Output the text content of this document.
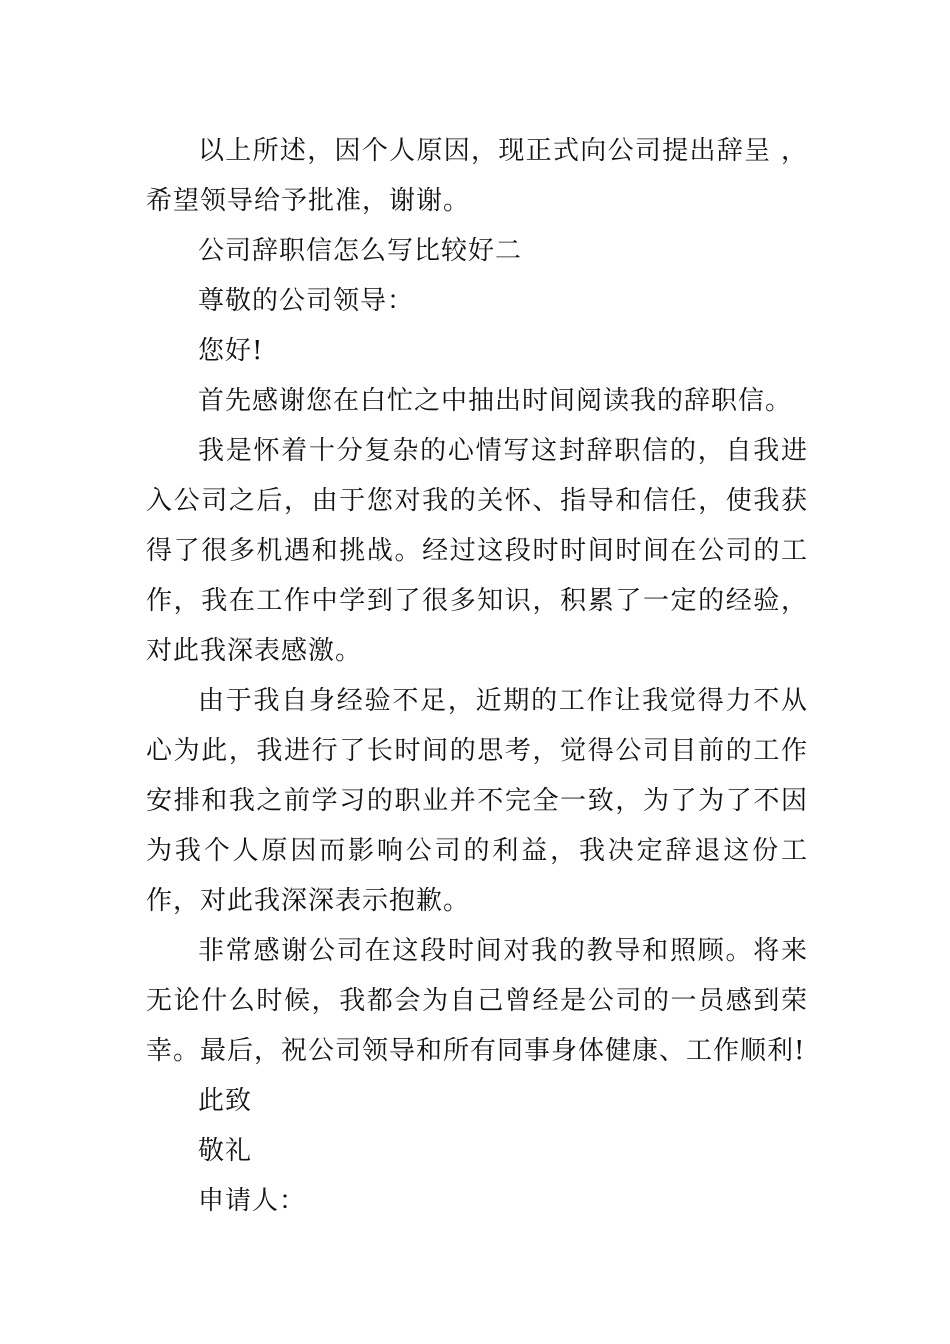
以上所述，因个人原因，现正式向公司提出辞呈 ，希望领导给予批准，谢谢。

公司辞职信怎么写比较好二

尊敬的公司领导：

您好!

首先感谢您在白忙之中抽出时间阅读我的辞职信。

我是怀着十分复杂的心情写这封辞职信的，自我进入公司之后，由于您对我的关怀、指导和信任，使我获得了很多机遇和挑战。经过这段时时间时间在公司的工作，我在工作中学到了很多知识，积累了一定的经验，对此我深表感激。

由于我自身经验不足，近期的工作让我觉得力不从心为此，我进行了长时间的思考，觉得公司目前的工作安排和我之前学习的职业并不完全一致，为了为了不因为我个人原因而影响公司的利益，我决定辞退这份工作，对此我深深表示抱歉。

非常感谢公司在这段时间对我的教导和照顾。将来无论什么时候，我都会为自己曾经是公司的一员感到荣幸。最后，祝公司领导和所有同事身体健康、工作顺利!

此致

敬礼

申请人：
